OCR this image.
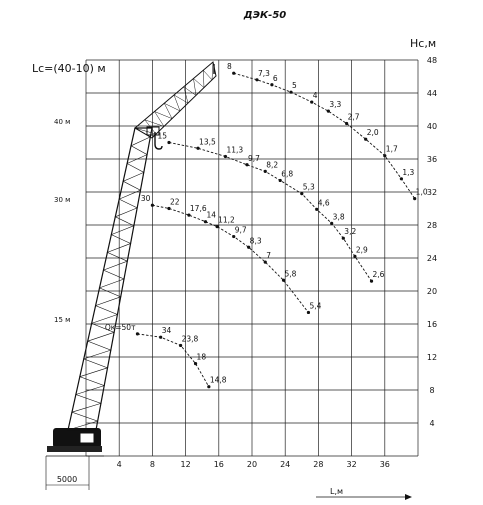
ДЭК-50
Hс,м
Lc=(40-10) м
L,м
4	8	12	16	20	24	28	32	36
4
8
12
16
20
24
28
32
36
40
44
48
5000
40 м
30 м
15 м
8
7,3
6
5
4
3,3
2,7
2,0
1,7
1,3
1,0
15
13,5
11,3
9,7
8,2
6,8
5,3
4,6
3,8
3,2
2,9
2,6
30	22
17,6
14
11,2
9,7
8,3
7
5,8
5,4
Qк=50т	34
23,8
18
14,8
